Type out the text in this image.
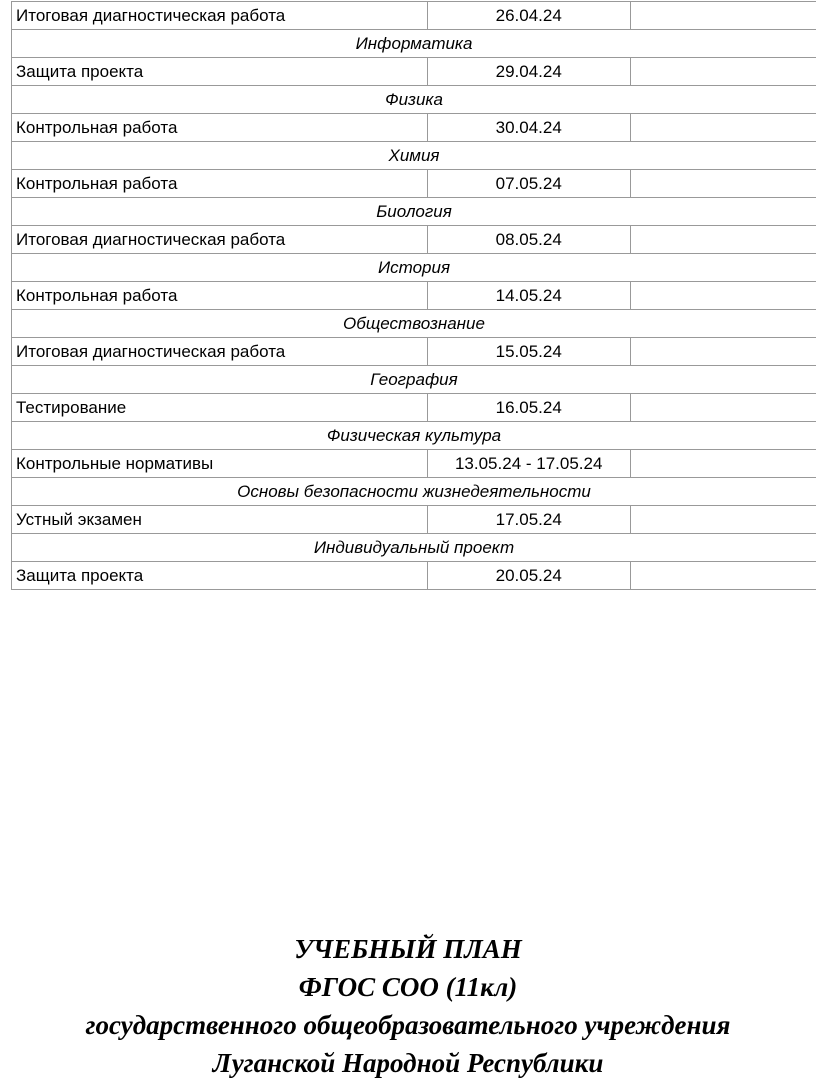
Итоговая диагностическая работа	26.04.24	
Информатика		
Защита проекта	29.04.24	
Физика		
Контрольная работа	30.04.24	
Химия		
Контрольная работа	07.05.24	
Биология		
Итоговая диагностическая работа	08.05.24	
История		
Контрольная работа	14.05.24	
Обществознание		
Итоговая диагностическая работа	15.05.24	
География		
Тестирование	16.05.24	
Физическая культура		
Контрольные нормативы	13.05.24 - 17.05.24	
Основы безопасности жизнедеятельности		
Устный экзамен	17.05.24	
Индивидуальный проект		
Защита проекта	20.05.24	
УЧЕБНЫЙ ПЛАН
ФГОС СОО (11кл)
государственного общеобразовательного учреждения
Луганской Народной Республики
